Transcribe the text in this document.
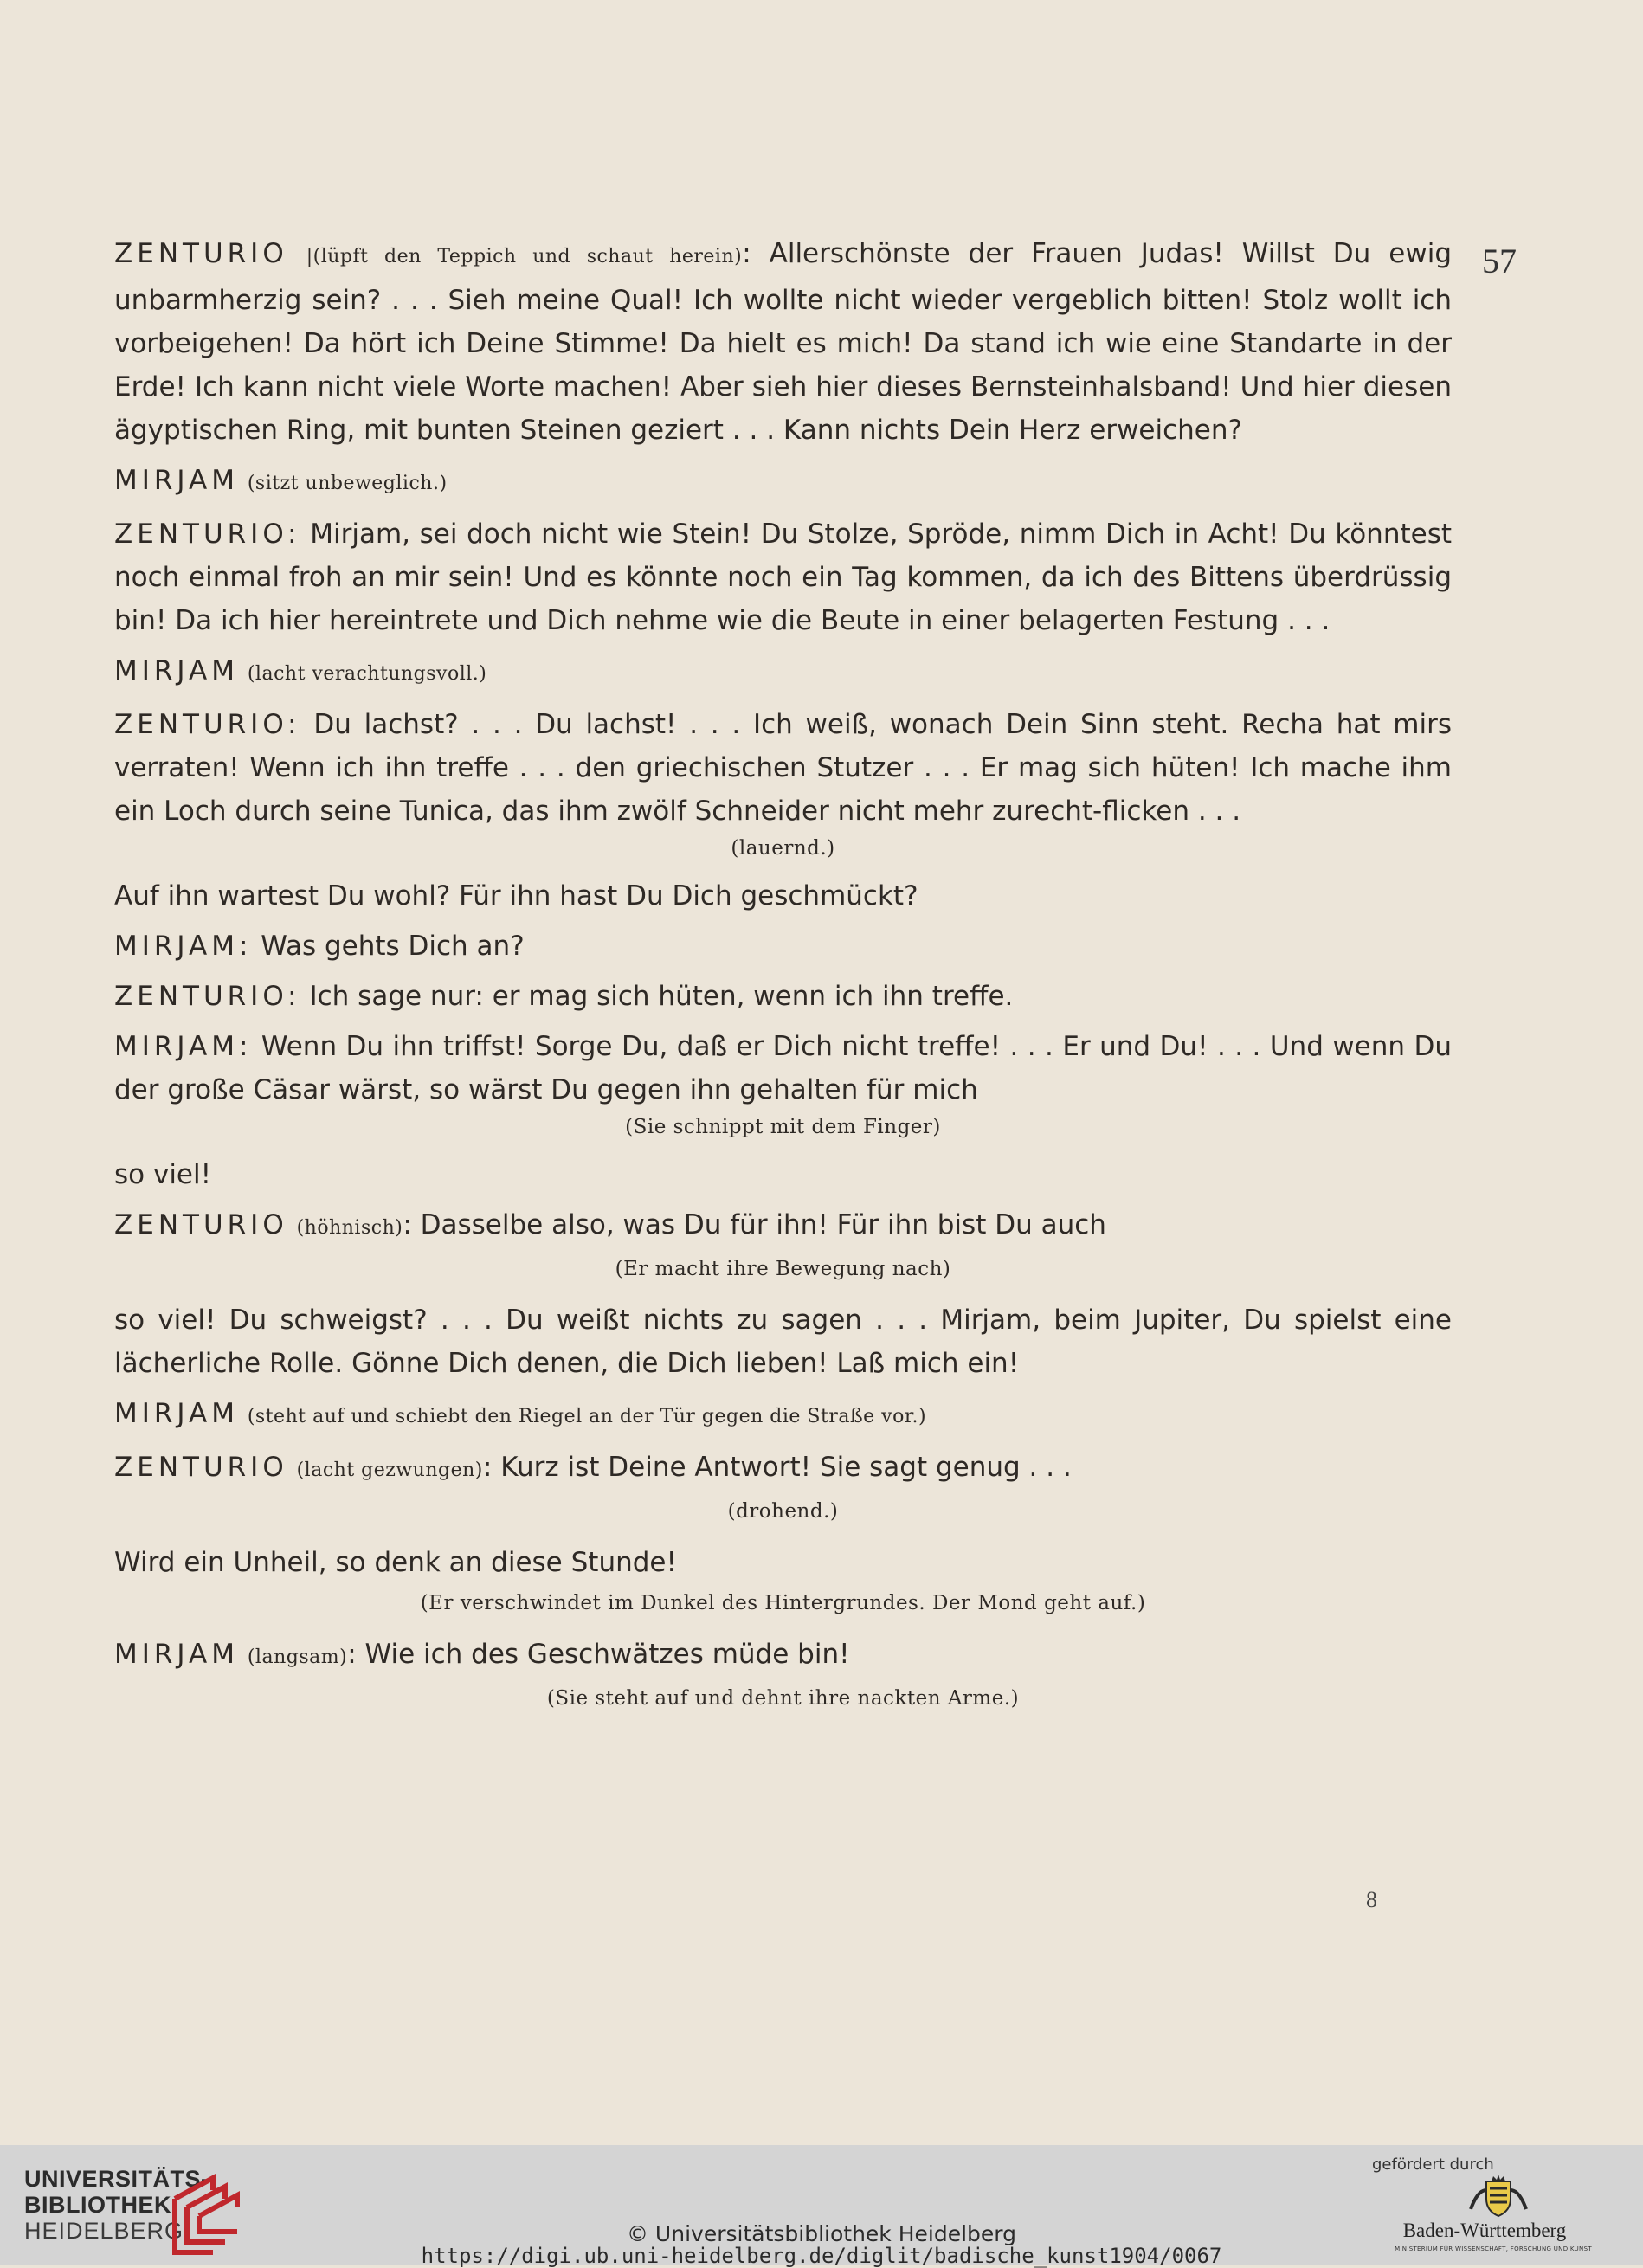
57

ZENTURIO |(lüpft den Teppich und schaut herein): Allerschönste der Frauen Judas! Willst Du ewig unbarmherzig sein? . . . Sieh meine Qual! Ich wollte nicht wieder vergeblich bitten! Stolz wollt ich vorbeigehen! Da hört ich Deine Stimme! Da hielt es mich! Da stand ich wie eine Standarte in der Erde! Ich kann nicht viele Worte machen! Aber sieh hier dieses Bernsteinhalsband! Und hier diesen ägyptischen Ring, mit bunten Steinen geziert . . . Kann nichts Dein Herz erweichen?

MIRJAM (sitzt unbeweglich.)

ZENTURIO: Mirjam, sei doch nicht wie Stein! Du Stolze, Spröde, nimm Dich in Acht! Du könntest noch einmal froh an mir sein! Und es könnte noch ein Tag kommen, da ich des Bittens überdrüssig bin! Da ich hier hereintrete und Dich nehme wie die Beute in einer belagerten Festung . . .

MIRJAM (lacht verachtungsvoll.)

ZENTURIO: Du lachst? . . . Du lachst! . . . Ich weiß, wonach Dein Sinn steht. Recha hat mirs verraten! Wenn ich ihn treffe . . . den griechischen Stutzer . . . Er mag sich hüten! Ich mache ihm ein Loch durch seine Tunica, das ihm zwölf Schneider nicht mehr zurecht-flicken . . .

(lauernd.)

Auf ihn wartest Du wohl? Für ihn hast Du Dich geschmückt?

MIRJAM: Was gehts Dich an?

ZENTURIO: Ich sage nur: er mag sich hüten, wenn ich ihn treffe.

MIRJAM: Wenn Du ihn triffst! Sorge Du, daß er Dich nicht treffe! . . . Er und Du! . . . Und wenn Du der große Cäsar wärst, so wärst Du gegen ihn gehalten für mich

(Sie schnippt mit dem Finger)

so viel!

ZENTURIO (höhnisch): Dasselbe also, was Du für ihn! Für ihn bist Du auch

(Er macht ihre Bewegung nach)

so viel! Du schweigst? . . . Du weißt nichts zu sagen . . . Mirjam, beim Jupiter, Du spielst eine lächerliche Rolle. Gönne Dich denen, die Dich lieben! Laß mich ein!

MIRJAM (steht auf und schiebt den Riegel an der Tür gegen die Straße vor.)

ZENTURIO (lacht gezwungen): Kurz ist Deine Antwort! Sie sagt genug . . .

(drohend.)

Wird ein Unheil, so denk an diese Stunde!

(Er verschwindet im Dunkel des Hintergrundes. Der Mond geht auf.)

MIRJAM (langsam): Wie ich des Geschwätzes müde bin!

(Sie steht auf und dehnt ihre nackten Arme.)
8
UNIVERSITÄTS-
BIBLIOTHEK
HEIDELBERG	© Universitätsbibliothek Heidelberg
https://digi.ub.uni-heidelberg.de/diglit/badische_kunst1904/0067
gefördert durch
Baden-Württemberg
MINISTERIUM FÜR WISSENSCHAFT, FORSCHUNG UND KUNST
